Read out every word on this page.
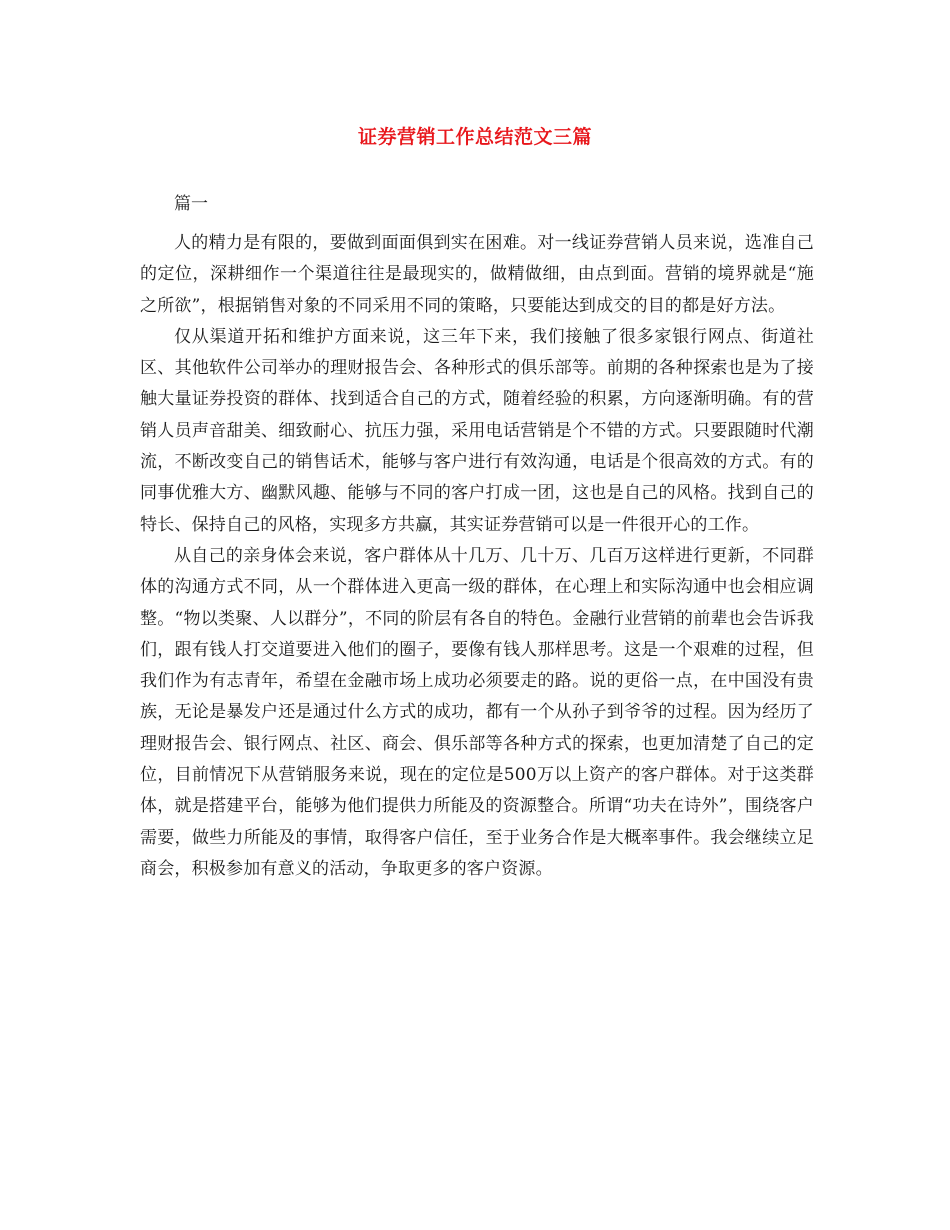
证券营销工作总结范文三篇

篇一

人的精力是有限的，要做到面面俱到实在困难。对一线证券营销人员来说，选准自己的定位，深耕细作一个渠道往往是最现实的，做精做细，由点到面。营销的境界就是“施之所欲”，根据销售对象的不同采用不同的策略，只要能达到成交的目的都是好方法。

仅从渠道开拓和维护方面来说，这三年下来，我们接触了很多家银行网点、街道社区、其他软件公司举办的理财报告会、各种形式的俱乐部等。前期的各种探索也是为了接触大量证券投资的群体、找到适合自己的方式，随着经验的积累，方向逐渐明确。有的营销人员声音甜美、细致耐心、抗压力强，采用电话营销是个不错的方式。只要跟随时代潮流，不断改变自己的销售话术，能够与客户进行有效沟通，电话是个很高效的方式。有的同事优雅大方、幽默风趣、能够与不同的客户打成一团，这也是自己的风格。找到自己的特长、保持自己的风格，实现多方共赢，其实证券营销可以是一件很开心的工作。

从自己的亲身体会来说，客户群体从十几万、几十万、几百万这样进行更新，不同群体的沟通方式不同，从一个群体进入更高一级的群体，在心理上和实际沟通中也会相应调整。“物以类聚、人以群分”，不同的阶层有各自的特色。金融行业营销的前辈也会告诉我们，跟有钱人打交道要进入他们的圈子，要像有钱人那样思考。这是一个艰难的过程，但我们作为有志青年，希望在金融市场上成功必须要走的路。说的更俗一点，在中国没有贵族，无论是暴发户还是通过什么方式的成功，都有一个从孙子到爷爷的过程。因为经历了理财报告会、银行网点、社区、商会、俱乐部等各种方式的探索，也更加清楚了自己的定位，目前情况下从营销服务来说，现在的定位是500万以上资产的客户群体。对于这类群体，就是搭建平台，能够为他们提供力所能及的资源整合。所谓“功夫在诗外”，围绕客户需要，做些力所能及的事情，取得客户信任，至于业务合作是大概率事件。我会继续立足商会，积极参加有意义的活动，争取更多的客户资源。
